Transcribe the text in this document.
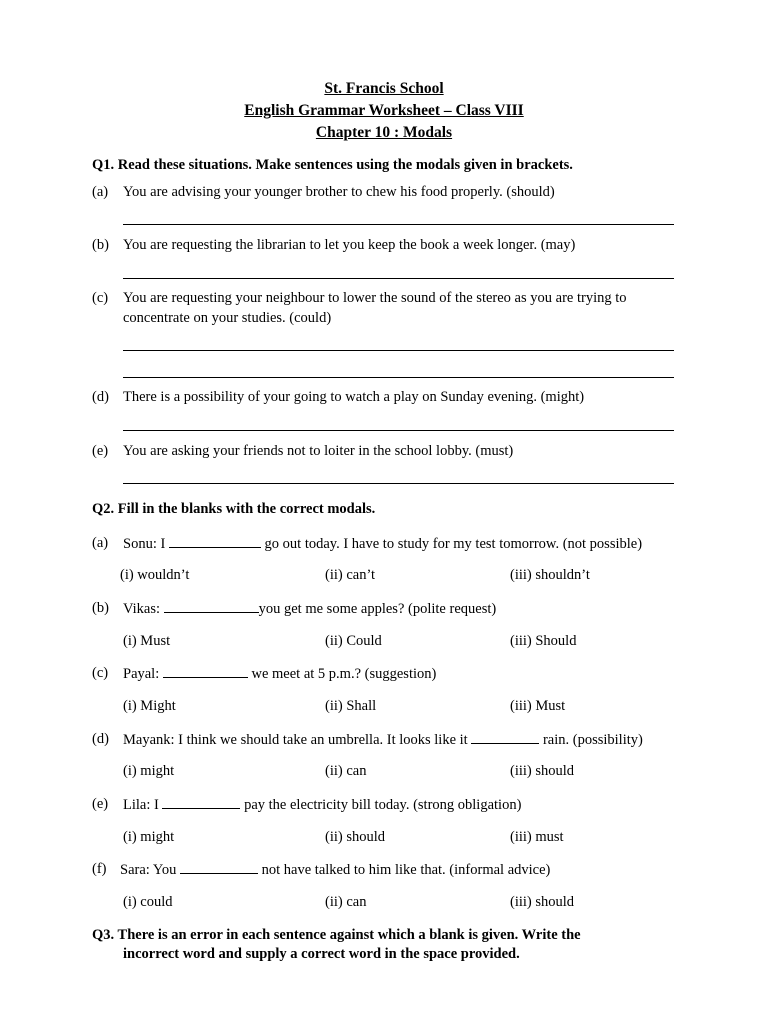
St. Francis School
English Grammar Worksheet – Class VIII
Chapter 10 : Modals
Q1. Read these situations. Make sentences using the modals given in brackets.
(a) You are advising your younger brother to chew his food properly. (should)
(b) You are requesting the librarian to let you keep the book a week longer. (may)
(c) You are requesting your neighbour to lower the sound of the stereo as you are trying to
concentrate on your studies. (could)
(d) There is a possibility of your going to watch a play on Sunday evening. (might)
(e) You are asking your friends not to loiter in the school lobby. (must)
Q2. Fill in the blanks with the correct modals.
(a) Sonu: I	go out today. I have to study for my test tomorrow. (not possible)
(i) wouldn’t	(ii) can’t	(iii) shouldn’t
(b) Vikas:	you get me some apples? (polite request)
(i) Must	(ii) Could	(iii) Should
(c) Payal:	we meet at 5 p.m.? (suggestion)
(i) Might	(ii) Shall	(iii) Must
(d) Mayank: I think we should take an umbrella. It looks like it	rain. (possibility)
(i) might	(ii) can	(iii) should
(e) Lila: I	pay the electricity bill today. (strong obligation)
(i) might	(ii) should	(iii) must
(f) Sara: You	not have talked to him like that. (informal advice)
(i) could	(ii) can	(iii) should
Q3. There is an error in each sentence against which a blank is given. Write the
incorrect word and supply a correct word in the space provided.
